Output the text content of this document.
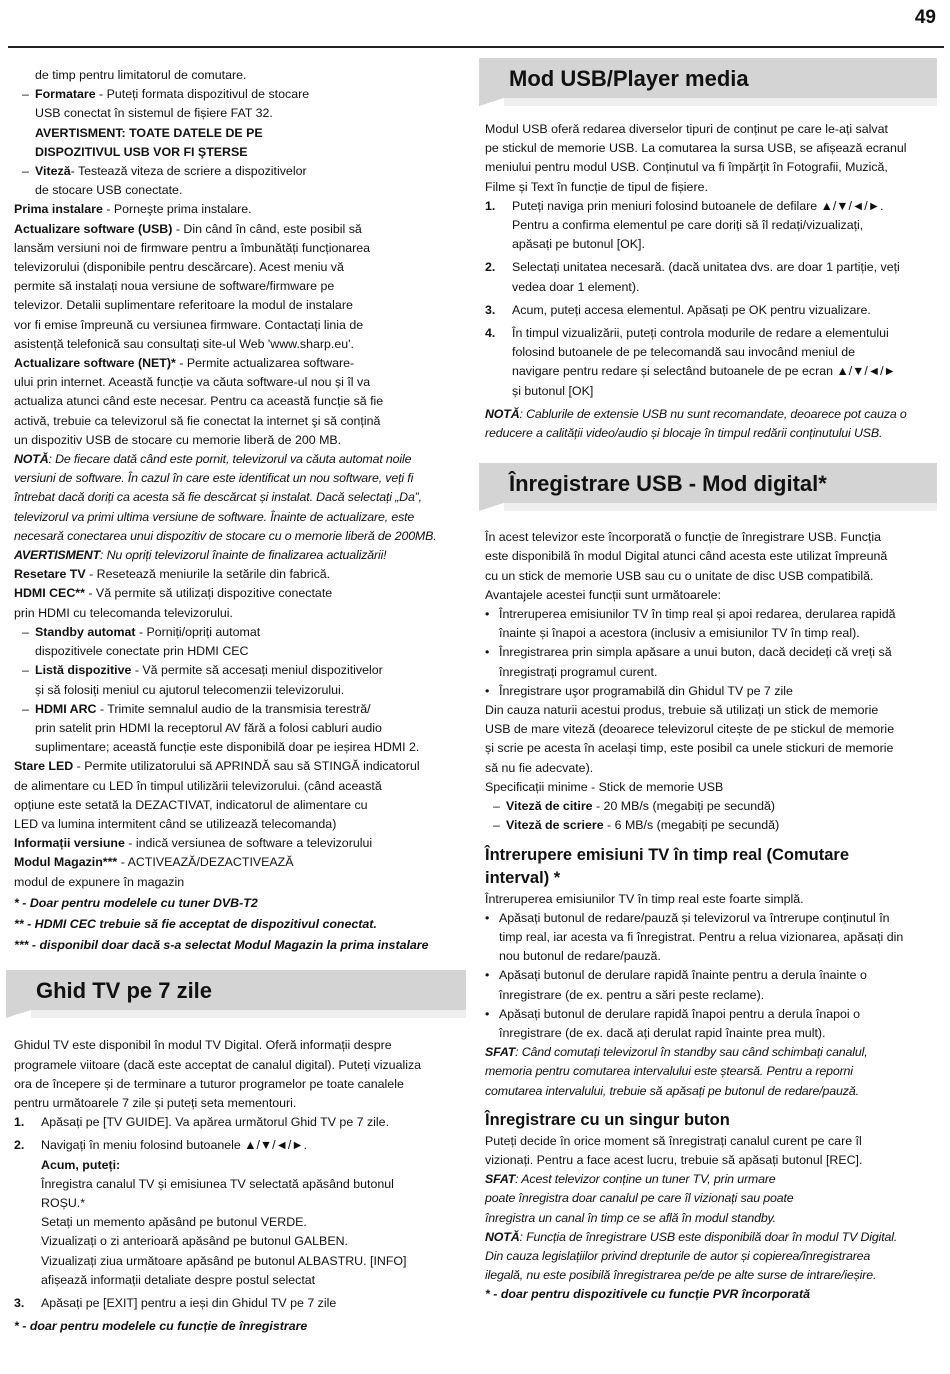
49

de timp pentru limitatorul de comutare.

– Formatare - Puteți formata dispozitivul de stocare

USB conectat în sistemul de fișiere FAT 32.

AVERTISMENT: TOATE DATELE DE PE

DISPOZITIVUL USB VOR FI ŞTERSE

– Viteză- Testează viteza de scriere a dispozitivelor

de stocare USB conectate.

Prima instalare - Porneşte prima instalare.

Actualizare software (USB) - Din când în când, este posibil să

lansăm versiuni noi de firmware pentru a îmbunătăți funcționarea

televizorului (disponibile pentru descărcare). Acest meniu vă

permite să instalați noua versiune de software/firmware pe

televizor. Detalii suplimentare referitoare la modul de instalare

vor fi emise împreună cu versiunea firmware. Contactați linia de

asistență telefonică sau consultați site-ul Web 'www.sharp.eu'.

Actualizare software (NET)* - Permite actualizarea software-

ului prin internet. Această funcție va căuta software-ul nou și îl va

actualiza atunci când este necesar. Pentru ca această funcție să fie

activă, trebuie ca televizorul să fie conectat la internet şi să conțină

un dispozitiv USB de stocare cu memorie liberă de 200 MB.

NOTĂ: De fiecare dată când este pornit, televizorul va căuta automat noile

versiuni de software. În cazul în care este identificat un nou software, veți fi

întrebat dacă doriți ca acesta să fie descărcat și instalat. Dacă selectați „Da”,

televizorul va primi ultima versiune de software. Înainte de actualizare, este

necesară conectarea unui dispozitiv de stocare cu o memorie liberă de 200MB.

AVERTISMENT: Nu opriți televizorul înainte de finalizarea actualizării!

Resetare TV - Resetează meniurile la setările din fabrică.

HDMI CEC** - Vă permite să utilizați dispozitive conectate

prin HDMI cu telecomanda televizorului.

– Standby automat - Porniți/opriți automat

dispozitivele conectate prin HDMI CEC

– Listă dispozitive - Vă permite să accesați meniul dispozitivelor

și să folosiți meniul cu ajutorul telecomenzii televizorului.

– HDMI ARC - Trimite semnalul audio de la transmisia terestră/

prin satelit prin HDMI la receptorul AV fără a folosi cabluri audio

suplimentare; această funcție este disponibilă doar pe ieșirea HDMI 2.

Stare LED - Permite utilizatorului să APRINDĂ sau să STINGĂ indicatorul

de alimentare cu LED în timpul utilizării televizorului. (când această

opțiune este setată la DEZACTIVAT, indicatorul de alimentare cu

LED va lumina intermitent când se utilizează telecomanda)

Informații versiune - indică versiunea de software a televizorului

Modul Magazin*** - ACTIVEAZĂ/DEZACTIVEAZĂ

modul de expunere în magazin

* - Doar pentru modelele cu tuner DVB-T2

** - HDMI CEC trebuie să fie acceptat de dispozitivul conectat.

*** - disponibil doar dacă s-a selectat Modul Magazin la prima instalare

Ghid TV pe 7 zile

Ghidul TV este disponibil în modul TV Digital. Oferă informații despre

programele viitoare (dacă este acceptat de canalul digital). Puteți vizualiza

ora de începere și de terminare a tuturor programelor pe toate canalele

pentru următoarele 7 zile și puteți seta mementouri.

1. Apăsați pe [TV GUIDE]. Va apărea următorul Ghid TV pe 7 zile.
2. Navigați în meniu folosind butoanele ▲/▼/◄/►.

Acum, puteți:

Înregistra canalul TV și emisiunea TV selectată apăsând butonul

ROȘU.*

Setați un memento apăsând pe butonul VERDE.

Vizualizați o zi anterioară apăsând pe butonul GALBEN.

Vizualizați ziua următoare apăsând pe butonul ALBASTRU. [INFO]

afișează informații detaliate despre postul selectat

3. Apăsați pe [EXIT] pentru a ieși din Ghidul TV pe 7 zile

* - doar pentru modelele cu funcție de înregistrare

Mod USB/Player media

Modul USB oferă redarea diverselor tipuri de conținut pe care le-ați salvat

pe stickul de memorie USB. La comutarea la sursa USB, se afișează ecranul

meniului pentru modul USB. Conținutul va fi împărțit în Fotografii, Muzică,

Filme și Text în funcție de tipul de fișiere.

1. Puteți naviga prin meniuri folosind butoanele de defilare ▲/▼/◄/►.

Pentru a confirma elementul pe care doriți să îl redați/vizualizați,

apăsați pe butonul [OK].

2. Selectați unitatea necesară. (dacă unitatea dvs. are doar 1 partiție, veți

vedea doar 1 element).

3. Acum, puteți accesa elementul. Apăsați pe OK pentru vizualizare.

4. În timpul vizualizării, puteți controla modurile de redare a elementului

folosind butoanele de pe telecomandă sau invocând meniul de

navigare pentru redare și selectând butoanele de pe ecran ▲/▼/◄/►

și butonul [OK]

NOTĂ: Cablurile de extensie USB nu sunt recomandate, deoarece pot cauza o

reducere a calității video/audio și blocaje în timpul redării conținutului USB.

Înregistrare USB - Mod digital*

În acest televizor este încorporată o funcție de înregistrare USB. Funcția

este disponibilă în modul Digital atunci când acesta este utilizat împreună

cu un stick de memorie USB sau cu o unitate de disc USB compatibilă.

Avantajele acestei funcții sunt următoarele:

• Întreruperea emisiunilor TV în timp real și apoi redarea, derularea rapidă

înainte și înapoi a acestora (inclusiv a emisiunilor TV în timp real).

• Înregistrarea prin simpla apăsare a unui buton, dacă decideți că vreți să

înregistrați programul curent.

• Înregistrare uşor programabilă din Ghidul TV pe 7 zile

Din cauza naturii acestui produs, trebuie să utilizați un stick de memorie

USB de mare viteză (deoarece televizorul citește de pe stickul de memorie

și scrie pe acesta în același timp, este posibil ca unele stickuri de memorie

să nu fie adecvate).

Specificații minime - Stick de memorie USB

– Viteză de citire - 20 MB/s (megabiți pe secundă)

– Viteză de scriere - 6 MB/s (megabiți pe secundă)

Întrerupere emisiuni TV în timp real (Comutare

interval) *

Întreruperea emisiunilor TV în timp real este foarte simplă.

• Apăsați butonul de redare/pauză și televizorul va întrerupe conținutul în

timp real, iar acesta va fi înregistrat. Pentru a relua vizionarea, apăsați din

nou butonul de redare/pauză.

• Apăsați butonul de derulare rapidă înainte pentru a derula înainte o

înregistrare (de ex. pentru a sări peste reclame).

• Apăsați butonul de derulare rapidă înapoi pentru a derula înapoi o

înregistrare (de ex. dacă ați derulat rapid înainte prea mult).

SFAT: Când comutați televizorul în standby sau când schimbați canalul,

memoria pentru comutarea intervalului este ștearsă. Pentru a reporni

comutarea intervalului, trebuie să apăsați pe butonul de redare/pauză.

Înregistrare cu un singur buton

Puteți decide în orice moment să înregistrați canalul curent pe care îl

vizionați. Pentru a face acest lucru, trebuie să apăsați butonul [REC].

SFAT: Acest televizor conține un tuner TV, prin urmare

poate înregistra doar canalul pe care îl vizionați sau poate

înregistra un canal în timp ce se află în modul standby.

NOTĂ: Funcția de înregistrare USB este disponibilă doar în modul TV Digital.

Din cauza legislațiilor privind drepturile de autor și copierea/înregistrarea

ilegală, nu este posibilă înregistrarea pe/de pe alte surse de intrare/ieșire.

* - doar pentru dispozitivele cu funcție PVR încorporată
